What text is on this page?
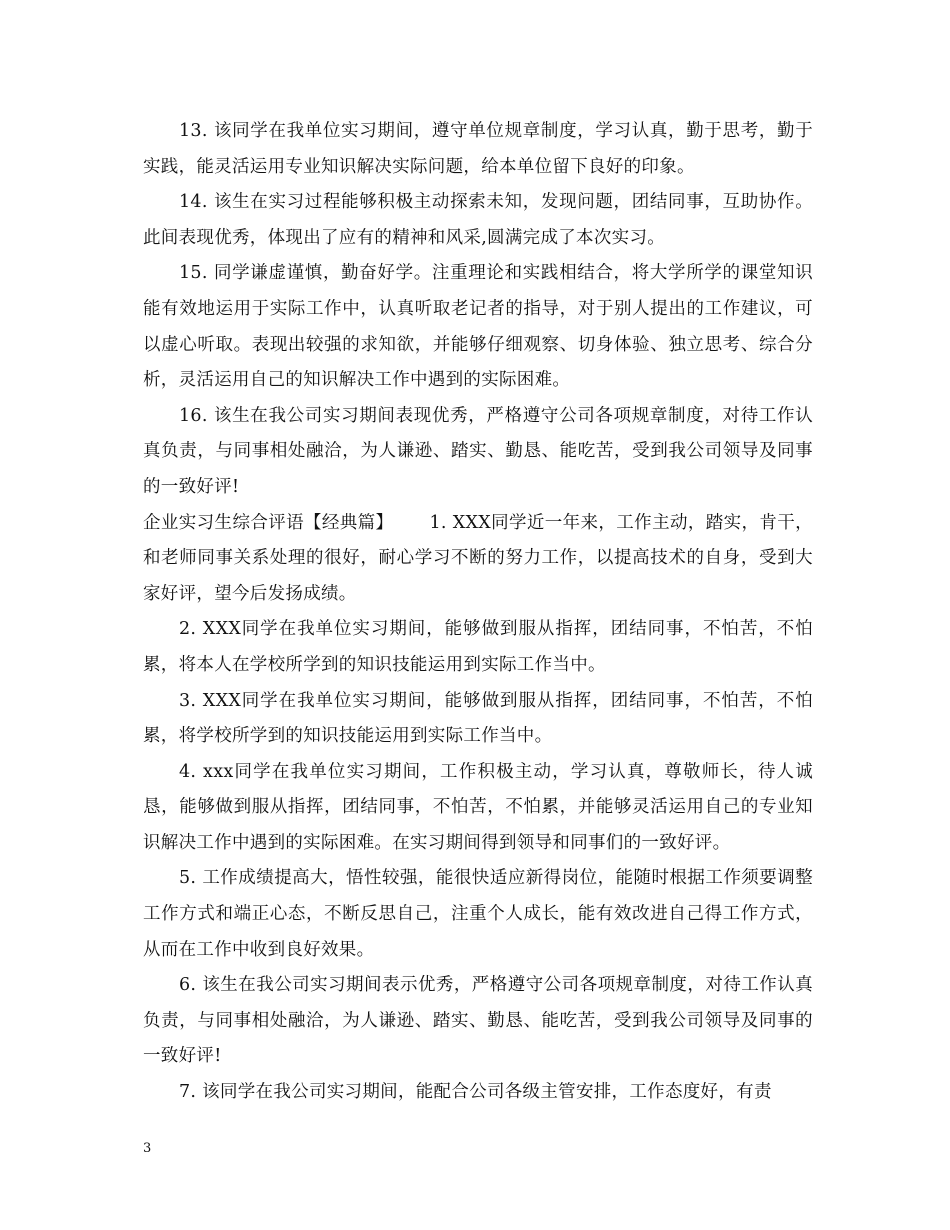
13. 该同学在我单位实习期间，遵守单位规章制度，学习认真，勤于思考，勤于实践，能灵活运用专业知识解决实际问题，给本单位留下良好的印象。

14. 该生在实习过程能够积极主动探索未知，发现问题，团结同事，互助协作。此间表现优秀，体现出了应有的精神和风采,圆满完成了本次实习。

15. 同学谦虚谨慎，勤奋好学。注重理论和实践相结合，将大学所学的课堂知识能有效地运用于实际工作中，认真听取老记者的指导，对于别人提出的工作建议，可以虚心听取。表现出较强的求知欲，并能够仔细观察、切身体验、独立思考、综合分析，灵活运用自己的知识解决工作中遇到的实际困难。

16. 该生在我公司实习期间表现优秀，严格遵守公司各项规章制度，对待工作认真负责，与同事相处融洽，为人谦逊、踏实、勤恳、能吃苦，受到我公司领导及同事的一致好评!

企业实习生综合评语【经典篇】 1. XXX同学近一年来，工作主动，踏实，肯干，和老师同事关系处理的很好，耐心学习不断的努力工作，以提高技术的自身，受到大家好评，望今后发扬成绩。

2. XXX同学在我单位实习期间，能够做到服从指挥，团结同事，不怕苦，不怕累，将本人在学校所学到的知识技能运用到实际工作当中。

3. XXX同学在我单位实习期间，能够做到服从指挥，团结同事，不怕苦，不怕累，将学校所学到的知识技能运用到实际工作当中。

4. xxx同学在我单位实习期间，工作积极主动，学习认真，尊敬师长，待人诚恳，能够做到服从指挥，团结同事，不怕苦，不怕累，并能够灵活运用自己的专业知识解决工作中遇到的实际困难。在实习期间得到领导和同事们的一致好评。

5. 工作成绩提高大，悟性较强，能很快适应新得岗位，能随时根据工作须要调整工作方式和端正心态，不断反思自己，注重个人成长，能有效改进自己得工作方式，从而在工作中收到良好效果。

6. 该生在我公司实习期间表示优秀，严格遵守公司各项规章制度，对待工作认真负责，与同事相处融洽，为人谦逊、踏实、勤恳、能吃苦，受到我公司领导及同事的一致好评!

7. 该同学在我公司实习期间，能配合公司各级主管安排，工作态度好，有责

3
